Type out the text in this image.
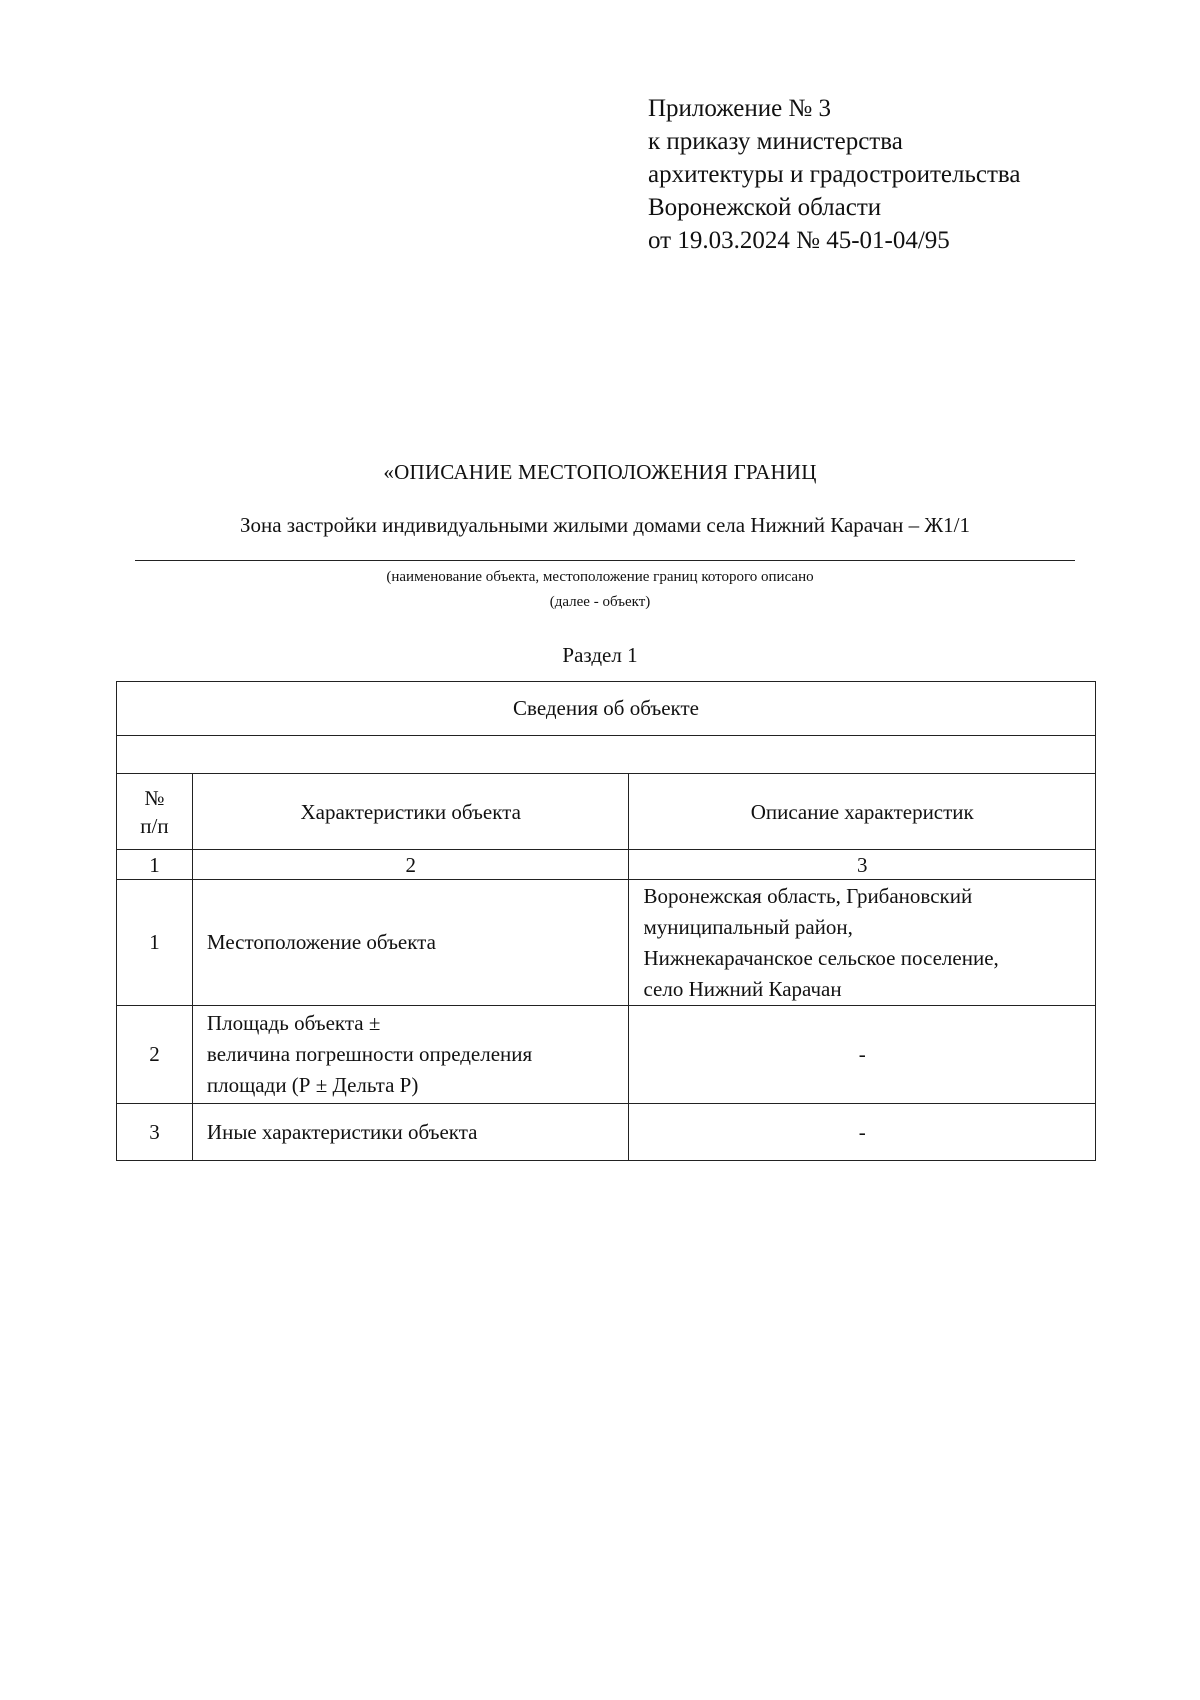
Приложение № 3
к приказу министерства
архитектуры и градостроительства
Воронежской области
от 19.03.2024 № 45-01-04/95
«ОПИСАНИЕ МЕСТОПОЛОЖЕНИЯ ГРАНИЦ
Зона застройки индивидуальными жилыми домами села Нижний Карачан – Ж1/1
(наименование объекта, местоположение границ которого описано
(далее - объект)
Раздел 1
Сведения об объекте		

№
п/п	Характеристики объекта	Описание характеристик
1	2	3
1	Местоположение объекта	Воронежская область, Грибановский
муниципальный район,
Нижнекарачанское сельское поселение,
село Нижний Карачан

2	Площадь объекта ±
величина погрешности определения
площади (Р ± Дельта Р)	-

3	Иные характеристики объекта	-
